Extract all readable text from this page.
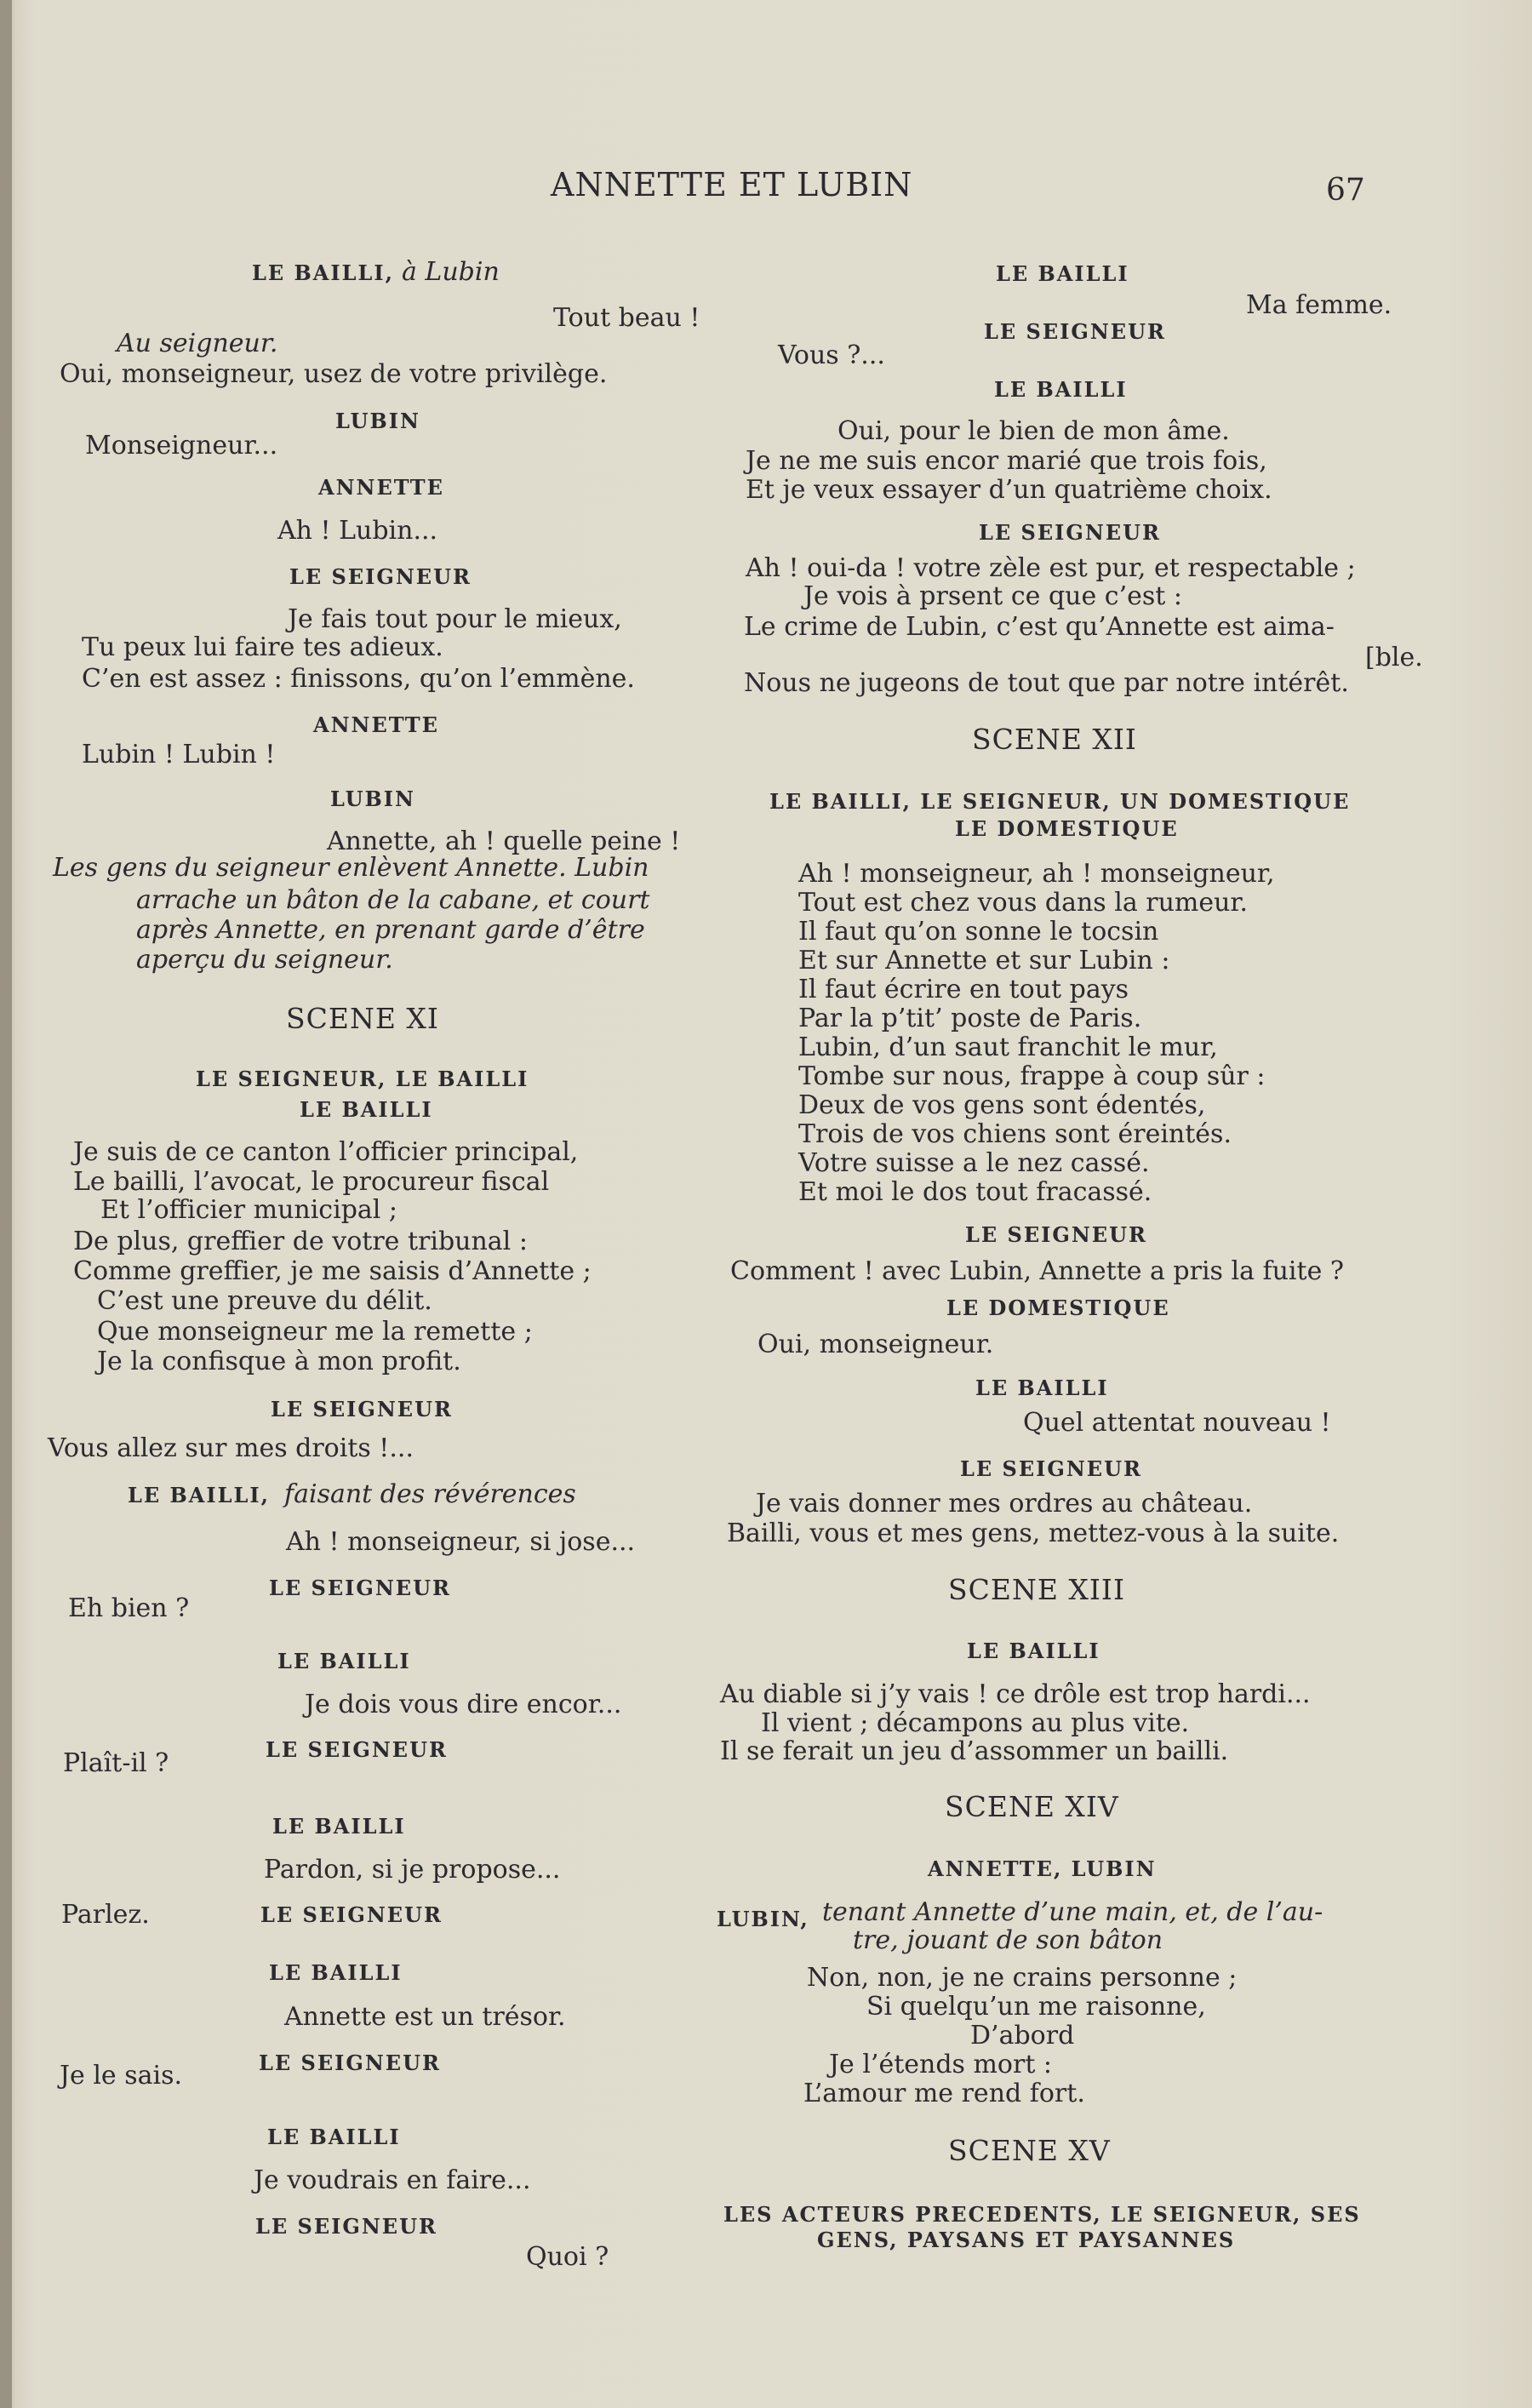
ANNETTE ET LUBIN	67
LE BAILLI, à Lubin
Tout beau !
Au seigneur.
Oui, monseigneur, usez de votre privilège.
LUBIN
Monseigneur...
ANNETTE
Ah ! Lubin...
LE SEIGNEUR
Je fais tout pour le mieux,
Tu peux lui faire tes adieux.
C’en est assez : finissons, qu’on l’emmène.
ANNETTE
Lubin ! Lubin !
LUBIN
Annette, ah ! quelle peine !
Les gens du seigneur enlèvent Annette. Lubin
arrache un bâton de la cabane, et court
après Annette, en prenant garde d’être
aperçu du seigneur.
SCENE XI
LE SEIGNEUR, LE BAILLI
LE BAILLI
Je suis de ce canton l’officier principal,
Le bailli, l’avocat, le procureur fiscal
Et l’officier municipal ;
De plus, greffier de votre tribunal :
Comme greffier, je me saisis d’Annette ;
C’est une preuve du délit.
Que monseigneur me la remette ;
Je la confisque à mon profit.
LE SEIGNEUR
Vous allez sur mes droits !...
LE BAILLI, faisant des révérences
Ah ! monseigneur, si jose...
LE SEIGNEUR
Eh bien ?
LE BAILLI
Je dois vous dire encor...
LE SEIGNEUR
Plaît-il ?
LE BAILLI
Pardon, si je propose...
LE SEIGNEUR
Parlez.
LE BAILLI
Annette est un trésor.
LE SEIGNEUR
Je le sais.
LE BAILLI
Je voudrais en faire...
LE SEIGNEUR
Quoi ?
LE BAILLI
Ma femme.
LE SEIGNEUR
Vous ?...
LE BAILLI
Oui, pour le bien de mon âme.
Je ne me suis encor marié que trois fois,
Et je veux essayer d’un quatrième choix.
LE SEIGNEUR
Ah ! oui-da ! votre zèle est pur, et respectable ;
Je vois à prsent ce que c’est :
Le crime de Lubin, c’est qu’Annette est aima-
[ble.
Nous ne jugeons de tout que par notre intérêt.
SCENE XII
LE BAILLI, LE SEIGNEUR, UN DOMESTIQUE
LE DOMESTIQUE
Ah ! monseigneur, ah ! monseigneur,
Tout est chez vous dans la rumeur.
Il faut qu’on sonne le tocsin
Et sur Annette et sur Lubin :
Il faut écrire en tout pays
Par la p’tit’ poste de Paris.
Lubin, d’un saut franchit le mur,
Tombe sur nous, frappe à coup sûr :
Deux de vos gens sont édentés,
Trois de vos chiens sont éreintés.
Votre suisse a le nez cassé.
Et moi le dos tout fracassé.
LE SEIGNEUR
Comment ! avec Lubin, Annette a pris la fuite ?
LE DOMESTIQUE
Oui, monseigneur.
LE BAILLI
Quel attentat nouveau !
LE SEIGNEUR
Je vais donner mes ordres au château.
Bailli, vous et mes gens, mettez-vous à la suite.
SCENE XIII
LE BAILLI
Au diable si j’y vais ! ce drôle est trop hardi...
Il vient ; décampons au plus vite.
Il se ferait un jeu d’assommer un bailli.
SCENE XIV
ANNETTE, LUBIN
LUBIN, tenant Annette d’une main, et, de l’au-
tre, jouant de son bâton
Non, non, je ne crains personne ;
Si quelqu’un me raisonne,
D’abord
Je l’étends mort :
L’amour me rend fort.
SCENE XV
LES ACTEURS PRECEDENTS, LE SEIGNEUR, SES
GENS, PAYSANS ET PAYSANNES
